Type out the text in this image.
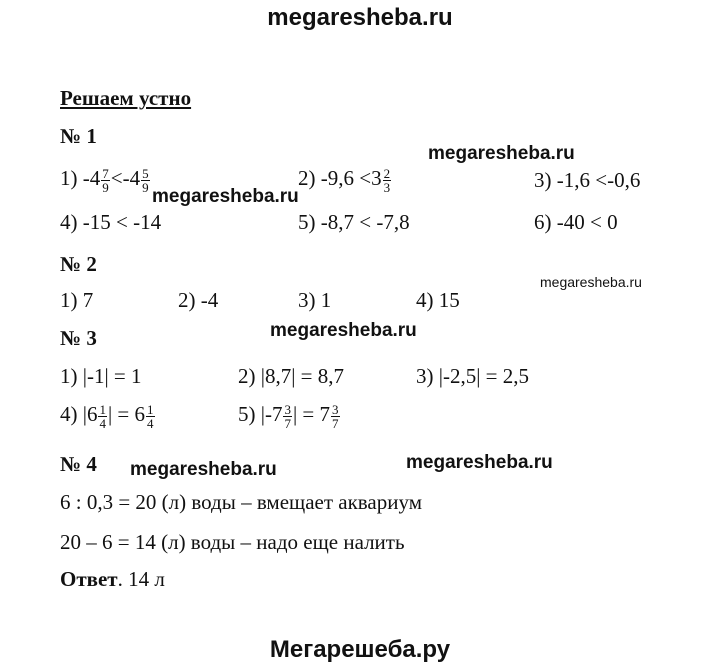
megaresheba.ru
Решаем устно
№ 1
megaresheba.ru
1) $-4 \frac{7}{9} <-4 \frac{5}{9}$	2) $-9,6 <3 \frac{2}{3}$	3) -1,6 <-0,6
megaresheba.ru
4) -15 < -14	5) -8,7 < -7,8	6) -40 < 0
№ 2
megaresheba.ru
1) 7	2) -4	3) 1	4) 15
№ 3	megaresheba.ru
1) |-1| = 1	2) |8,7| = 8,7	3) |-2,5| = 2,5
4) $|6 \frac{1}{4}$ | = $6 \frac{1}{4}$	5) $|-7 \frac{3}{7}$ | = $7 \frac{3}{7}$
№ 4 megaresheba.ru	megaresheba.ru
6 : 0,3 = 20 (л) воды – вмещает аквариум
20 – 6 = 14 (л) воды – надо еще налить
Ответ. 14 л
Мегарешеба.ру
